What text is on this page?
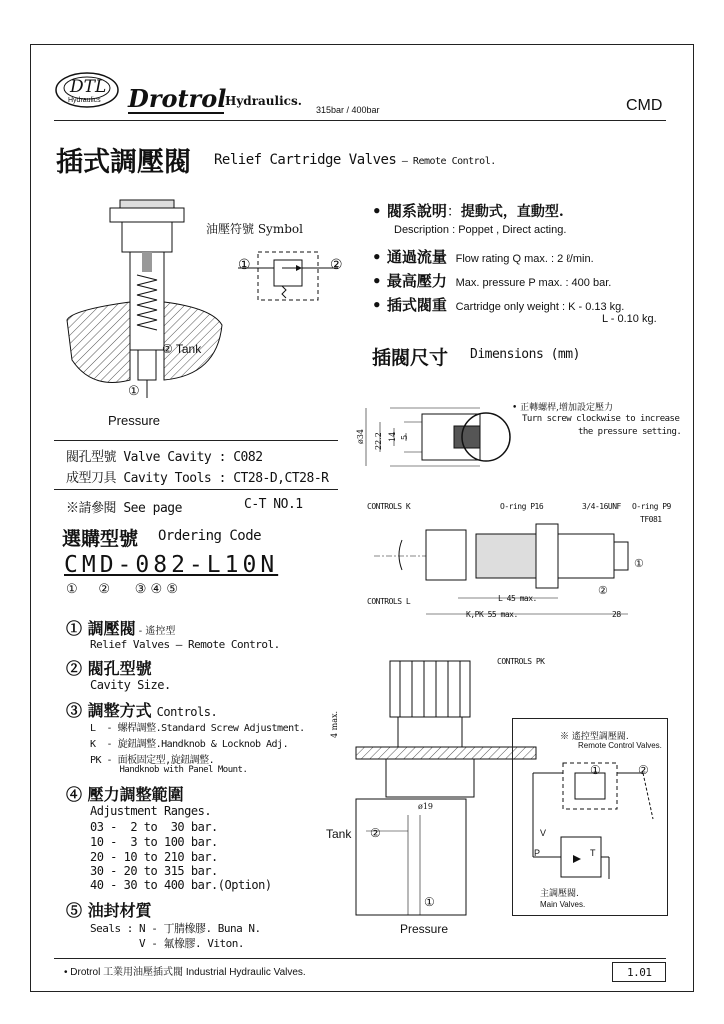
DTL
Hydraulics Drotrol
Hydraulics.
315bar / 400bar	CMD
插式調壓閥 Relief Cartridge Valves – Remote Control.
② Tank
①
Pressure
油壓符號 Symbol
①	②
• 閥系說明：提動式，直動型.
Description : Poppet , Direct acting.
• 通過流量 Flow rating Q max. : 2 ℓ/min.
• 最高壓力 Max. pressure P max. : 400 bar.
• 插式閥重 Cartridge only weight : K - 0.13 kg.
L - 0.10 kg.
插閥尺寸 Dimensions (mm)
ø34 22.2 14 5
• 正轉螺桿,增加設定壓力
Turn screw clockwise to increase
the pressure setting.
閥孔型號 Valve Cavity : C082
成型刀具 Cavity Tools : CT28-D,CT28-R
※請參閱 See page	C-T NO.1
選購型號 Ordering Code
CMD-082-L10N
①     ②      ③ ④ ⑤
① 調壓閥 - 遙控型
Relief Valves – Remote Control.
② 閥孔型號
Cavity Size.
③ 調整方式 Controls.
L  - 螺桿調整.Standard Screw Adjustment.
K  - 旋鈕調整.Handknob & Locknob Adj.
PK - 面板固定型,旋鈕調整.
Handknob with Panel Mount.
④ 壓力調整範圍
Adjustment Ranges.
03 -  2 to  30 bar.
10 -  3 to 100 bar.
20 - 10 to 210 bar.
30 - 20 to 315 bar.
40 - 30 to 400 bar.(Option)
⑤ 油封材質
Seals : N - 丁腈橡膠. Buna N.
V - 氟橡膠. Viton.
CONTROLS K
CONTROLS L
O-ring P16	3/4-16UNF O-ring P9
TF081
①
②
L 45 max.
K,PK 55 max.	28
CONTROLS PK
4 max.
ø19
Tank ②
①
Pressure
※ 遙控型調壓閥.
Remote Control Valves.
①	②
V
P	T
主調壓閥.
Main Valves.
• Drotrol 工業用油壓插式閥 Industrial Hydraulic Valves.	1.01
